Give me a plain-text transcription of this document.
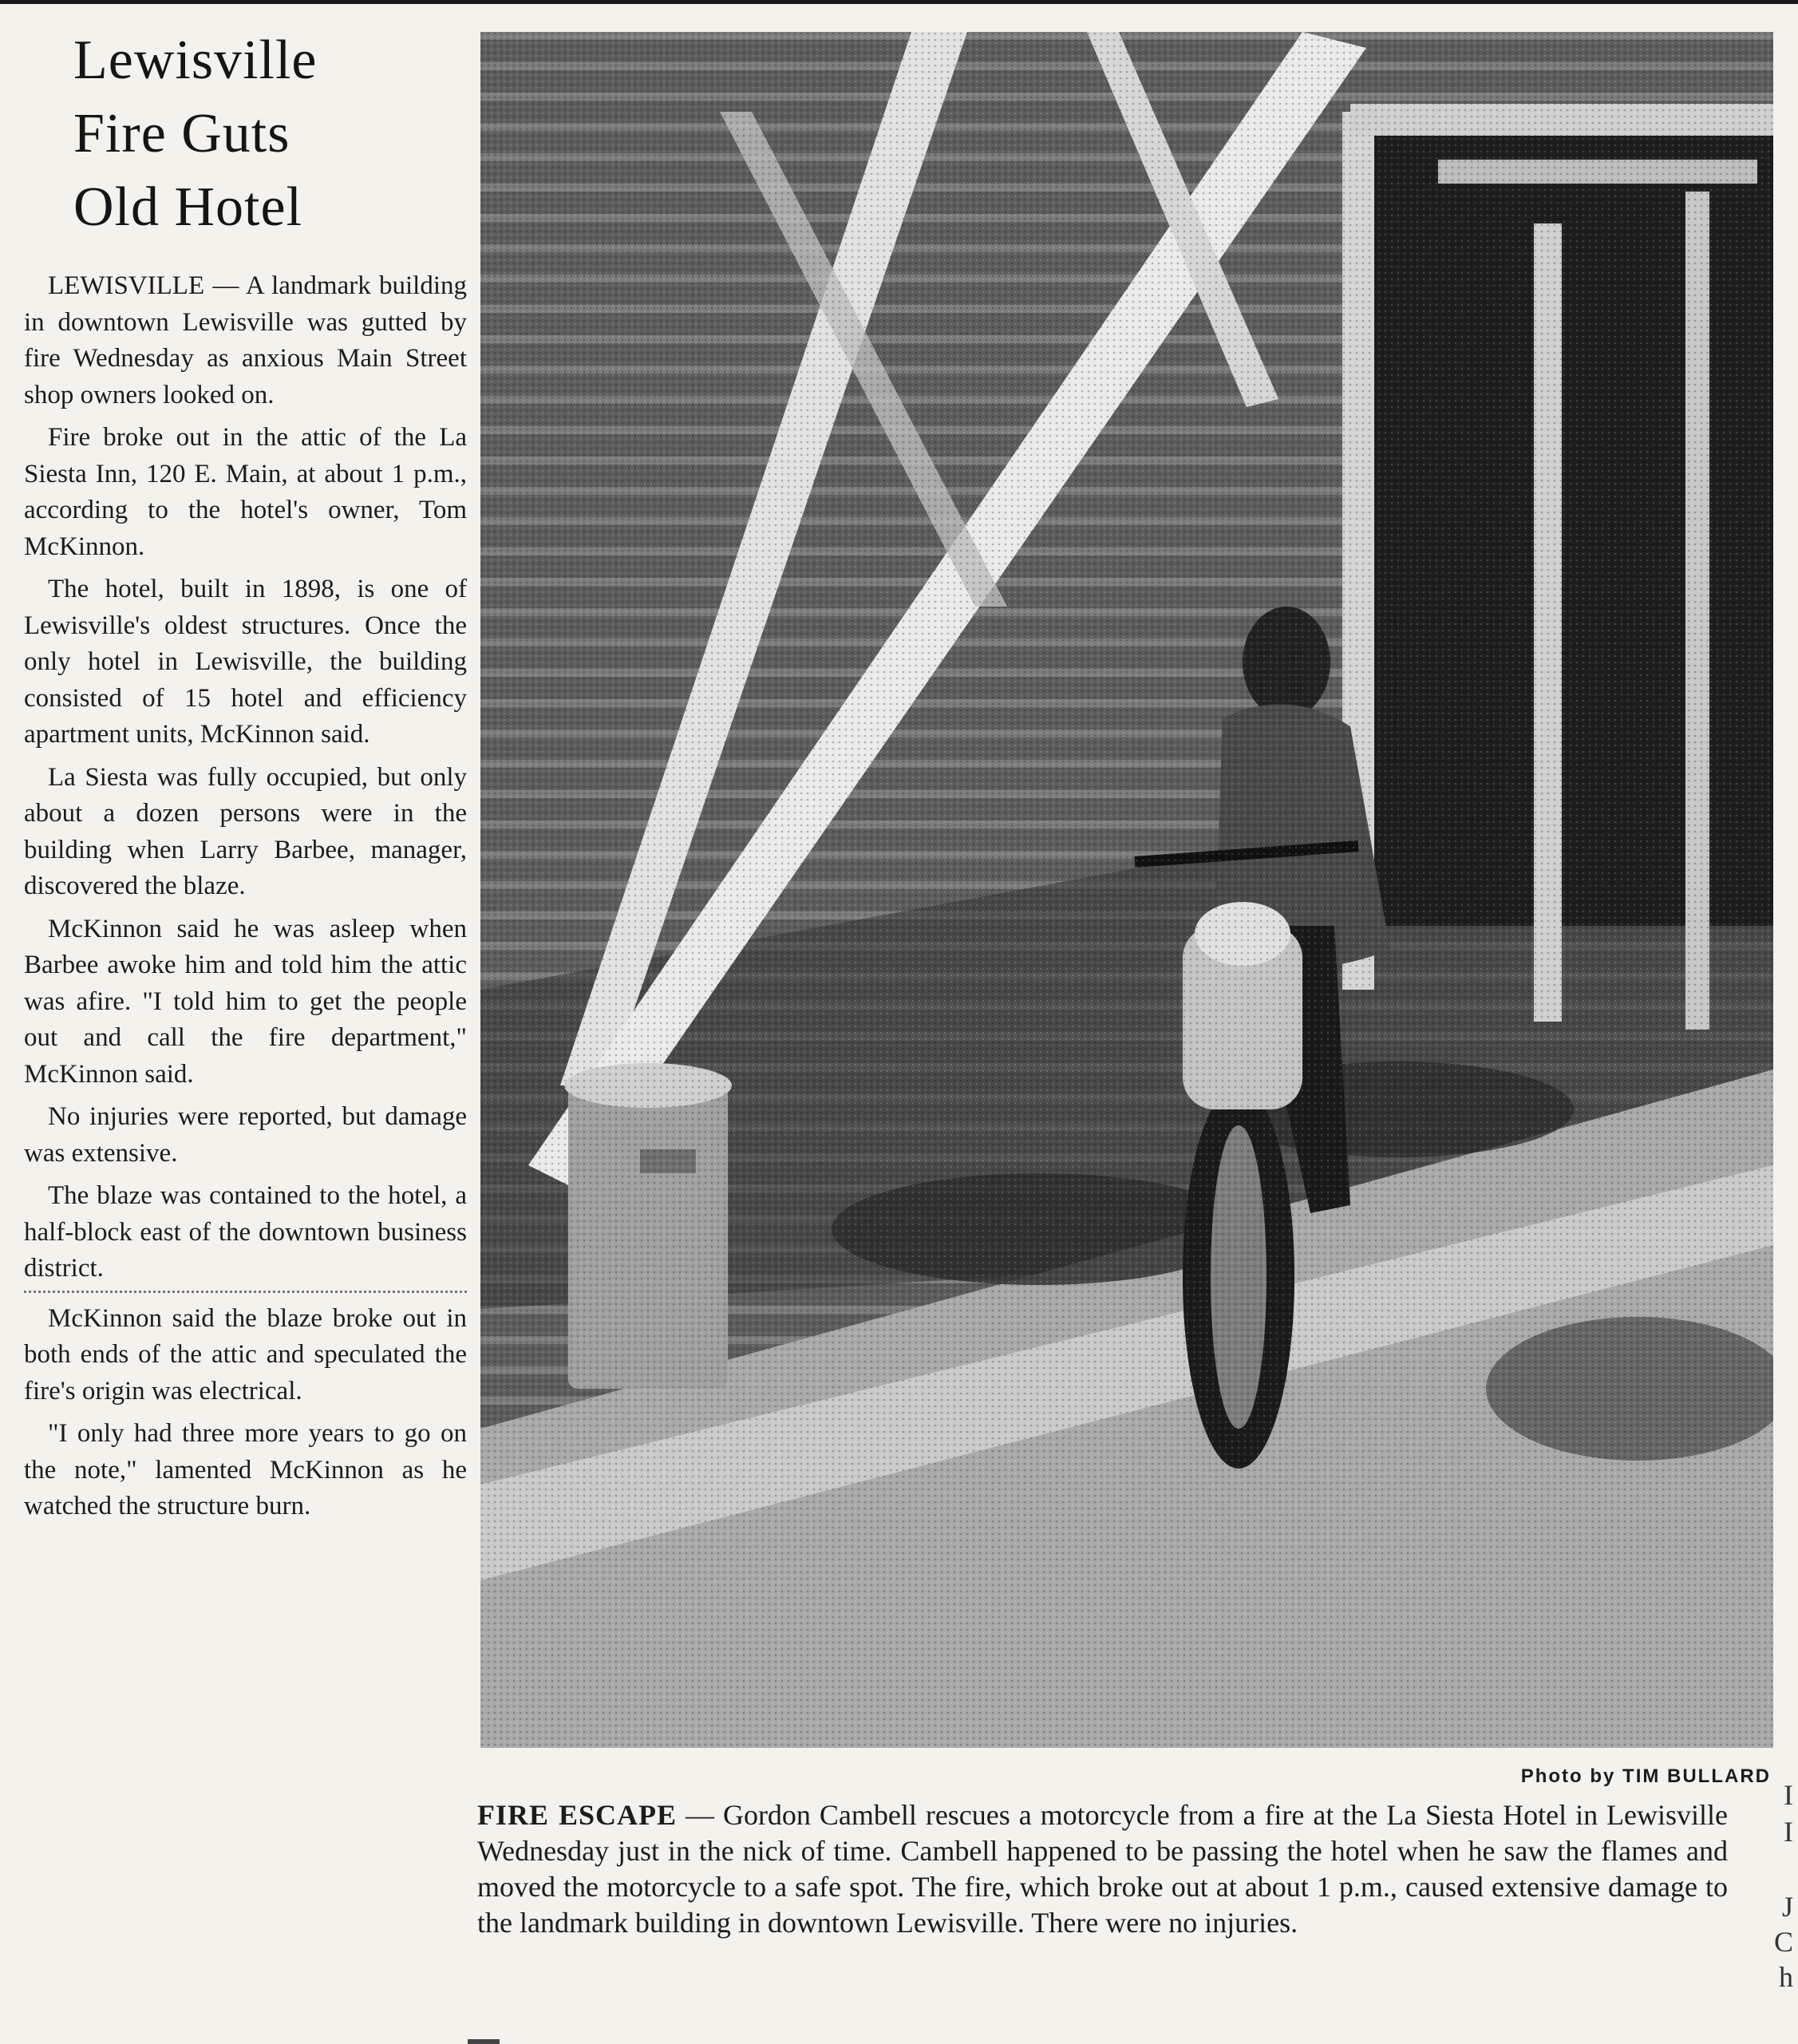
Lewisville
Fire Guts
Old Hotel

LEWISVILLE — A landmark building in downtown Lewisville was gutted by fire Wednesday as anxious Main Street shop owners looked on.

Fire broke out in the attic of the La Siesta Inn, 120 E. Main, at about 1 p.m., according to the hotel's owner, Tom McKinnon.

The hotel, built in 1898, is one of Lewisville's oldest structures. Once the only hotel in Lewisville, the building consisted of 15 hotel and efficiency apartment units, McKinnon said.

La Siesta was fully occupied, but only about a dozen persons were in the building when Larry Barbee, manager, discovered the blaze.

McKinnon said he was asleep when Barbee awoke him and told him the attic was afire. "I told him to get the people out and call the fire department," McKinnon said.

No injuries were reported, but damage was extensive.

The blaze was contained to the hotel, a half-block east of the downtown business district.

McKinnon said the blaze broke out in both ends of the attic and speculated the fire's origin was electrical.

"I only had three more years to go on the note," lamented McKinnon as he watched the structure burn.

Photo by TIM BULLARD
FIRE ESCAPE — Gordon Cambell rescues a motorcycle from a fire at the La Siesta Hotel in Lewisville Wednesday just in the nick of time. Cambell happened to be passing the hotel when he saw the flames and moved the motorcycle to a safe spot. The fire, which broke out at about 1 p.m., caused extensive damage to the landmark building in downtown Lewisville. There were no injuries.
I
I
J
C
h
